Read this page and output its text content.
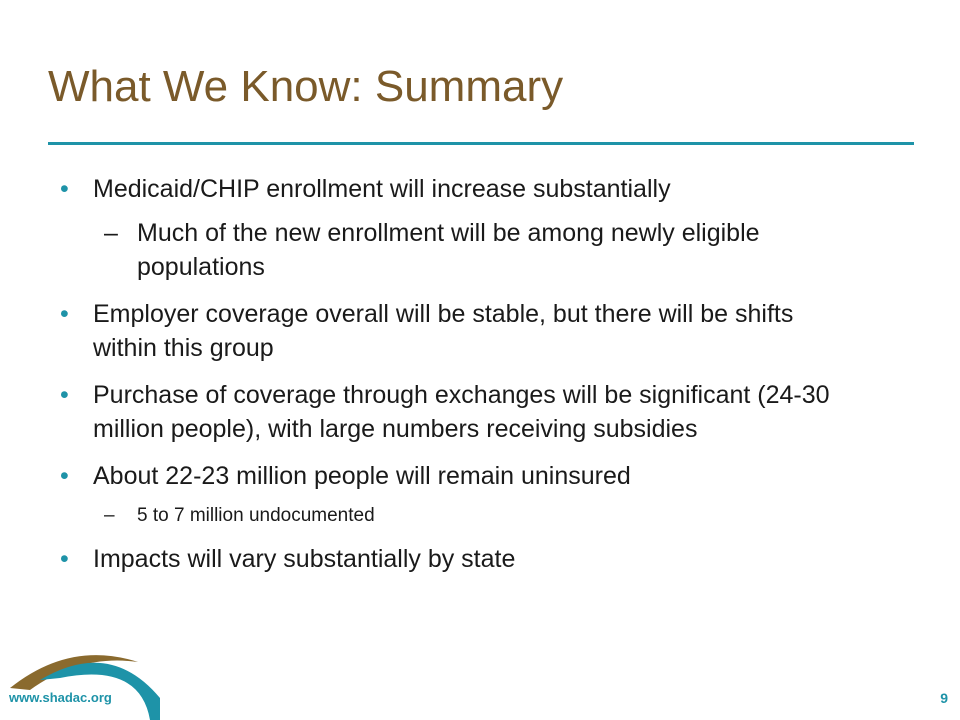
What We Know: Summary
• Medicaid/CHIP enrollment will increase substantially
– Much of the new enrollment will be among newly eligible populations
• Employer coverage overall will be stable, but there will be shifts within this group
• Purchase of coverage through exchanges will be significant (24-30 million people), with large numbers receiving subsidies
• About 22-23 million people will remain uninsured
– 5 to 7 million undocumented
• Impacts will vary substantially by state
www.shadac.org	9
